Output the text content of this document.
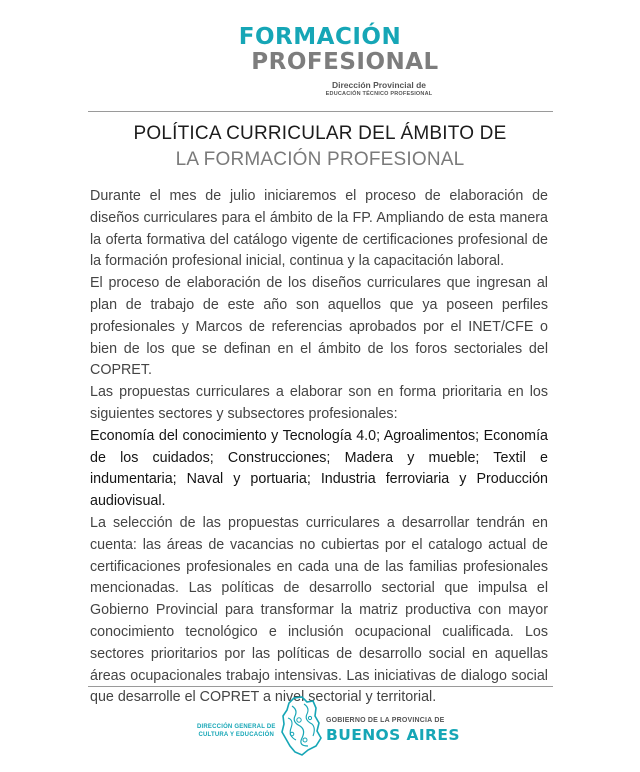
FORMACIÓN
PROFESIONAL
Dirección Provincial de
EDUCACIÓN TÉCNICO PROFESIONAL
POLÍTICA CURRICULAR DEL ÁMBITO DE
LA FORMACIÓN PROFESIONAL

Durante el mes de julio iniciaremos el proceso de elaboración de diseños curriculares para el ámbito de la FP. Ampliando de esta manera la oferta formativa del catálogo vigente de certificaciones profesional de la formación profesional inicial, continua y la capacitación laboral.

El proceso de elaboración de los diseños curriculares que ingresan al plan de trabajo de este año son aquellos que ya poseen perfiles profesionales y Marcos de referencias aprobados por el INET/CFE o bien de los que se definan en el ámbito de los foros sectoriales del COPRET.

Las propuestas curriculares a elaborar son en forma prioritaria en los siguientes sectores y subsectores profesionales:

Economía del conocimiento y Tecnología 4.0; Agroalimentos; Economía de los cuidados; Construcciones; Madera y mueble; Textil e indumentaria; Naval y portuaria; Industria ferroviaria y Producción audiovisual.

La selección de las propuestas curriculares a desarrollar tendrán en cuenta: las áreas de vacancias no cubiertas por el catalogo actual de certificaciones profesionales en cada una de las familias profesionales mencionadas. Las políticas de desarrollo sectorial que impulsa el Gobierno Provincial para transformar la matriz productiva con mayor conocimiento tecnológico e inclusión ocupacional cualificada. Los sectores prioritarios por las políticas de desarrollo social en aquellas áreas ocupacionales trabajo intensivas. Las iniciativas de dialogo social que desarrolle el COPRET a nivel sectorial y territorial.

DIRECCIÓN GENERAL DE
CULTURA Y EDUCACIÓN
GOBIERNO DE LA PROVINCIA DE
BUENOS AIRES
